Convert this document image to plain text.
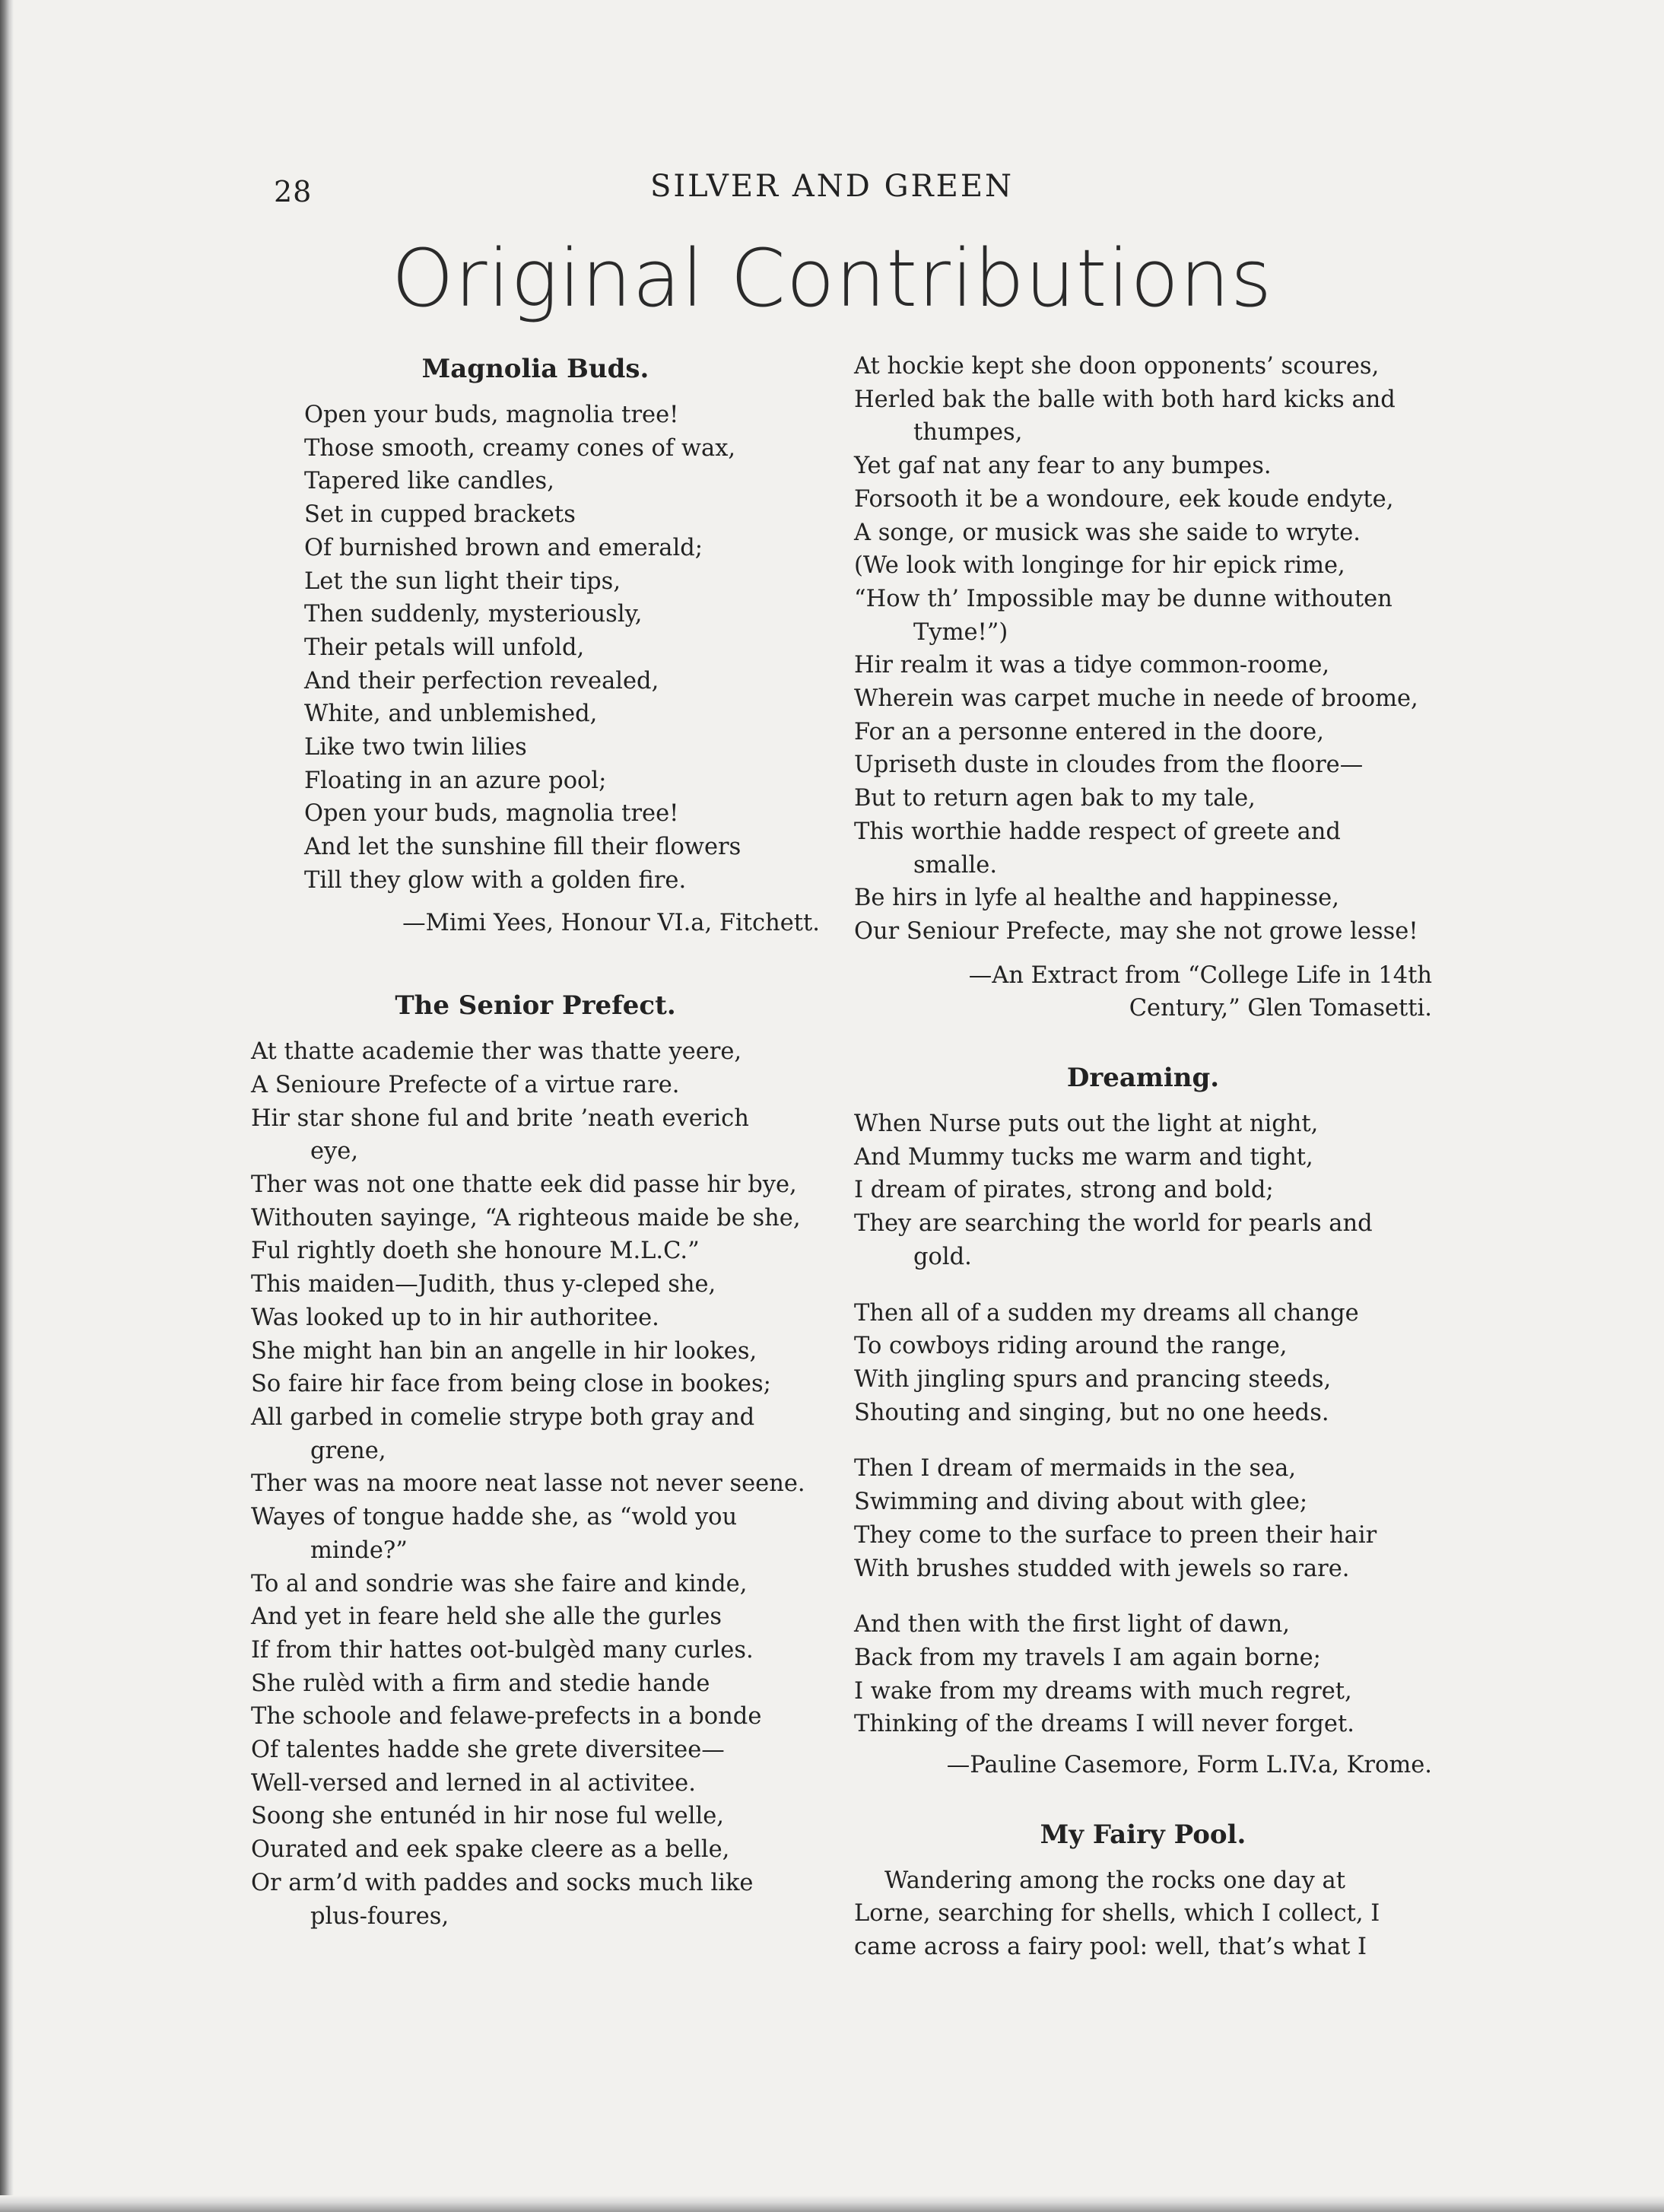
28	SILVER AND GREEN
Original Contributions
Magnolia Buds.
Open your buds, magnolia tree!
Those smooth, creamy cones of wax,
Tapered like candles,
Set in cupped brackets
Of burnished brown and emerald;
Let the sun light their tips,
Then suddenly, mysteriously,
Their petals will unfold,
And their perfection revealed,
White, and unblemished,
Like two twin lilies
Floating in an azure pool;
Open your buds, magnolia tree!
And let the sunshine fill their flowers
Till they glow with a golden fire.
—Mimi Yees, Honour VI.a, Fitchett.
The Senior Prefect.
At thatte academie ther was thatte yeere,
A Senioure Prefecte of a virtue rare.
Hir star shone ful and brite ’neath everich
eye,
Ther was not one thatte eek did passe hir bye,
Withouten sayinge, “A righteous maide be she,
Ful rightly doeth she honoure M.L.C.”
This maiden—Judith, thus y-cleped she,
Was looked up to in hir authoritee.
She might han bin an angelle in hir lookes,
So faire hir face from being close in bookes;
All garbed in comelie strype both gray and
grene,
Ther was na moore neat lasse not never seene.
Wayes of tongue hadde she, as “wold you
minde?”
To al and sondrie was she faire and kinde,
And yet in feare held she alle the gurles
If from thir hattes oot-bulgèd many curles.
She rulèd with a firm and stedie hande
The schoole and felawe-prefects in a bonde
Of talentes hadde she grete diversitee—
Well-versed and lerned in al activitee.
Soong she entunéd in hir nose ful welle,
Ourated and eek spake cleere as a belle,
Or arm’d with paddes and socks much like
plus-foures,
At hockie kept she doon opponents’ scoures,
Herled bak the balle with both hard kicks and
thumpes,
Yet gaf nat any fear to any bumpes.
Forsooth it be a wondoure, eek koude endyte,
A songe, or musick was she saide to wryte.
(We look with longinge for hir epick rime,
“How th’ Impossible may be dunne withouten
Tyme!”)
Hir realm it was a tidye common-roome,
Wherein was carpet muche in neede of broome,
For an a personne entered in the doore,
Upriseth duste in cloudes from the floore—
But to return agen bak to my tale,
This worthie hadde respect of greete and
smalle.
Be hirs in lyfe al healthe and happinesse,
Our Seniour Prefecte, may she not growe lesse!
—An Extract from “College Life in 14th
Century,” Glen Tomasetti.
Dreaming.
When Nurse puts out the light at night,
And Mummy tucks me warm and tight,
I dream of pirates, strong and bold;
They are searching the world for pearls and
gold.
Then all of a sudden my dreams all change
To cowboys riding around the range,
With jingling spurs and prancing steeds,
Shouting and singing, but no one heeds.
Then I dream of mermaids in the sea,
Swimming and diving about with glee;
They come to the surface to preen their hair
With brushes studded with jewels so rare.
And then with the first light of dawn,
Back from my travels I am again borne;
I wake from my dreams with much regret,
Thinking of the dreams I will never forget.
—Pauline Casemore, Form L.IV.a, Krome.
My Fairy Pool.
Wandering among the rocks one day at
Lorne, searching for shells, which I collect, I
came across a fairy pool: well, that’s what I
